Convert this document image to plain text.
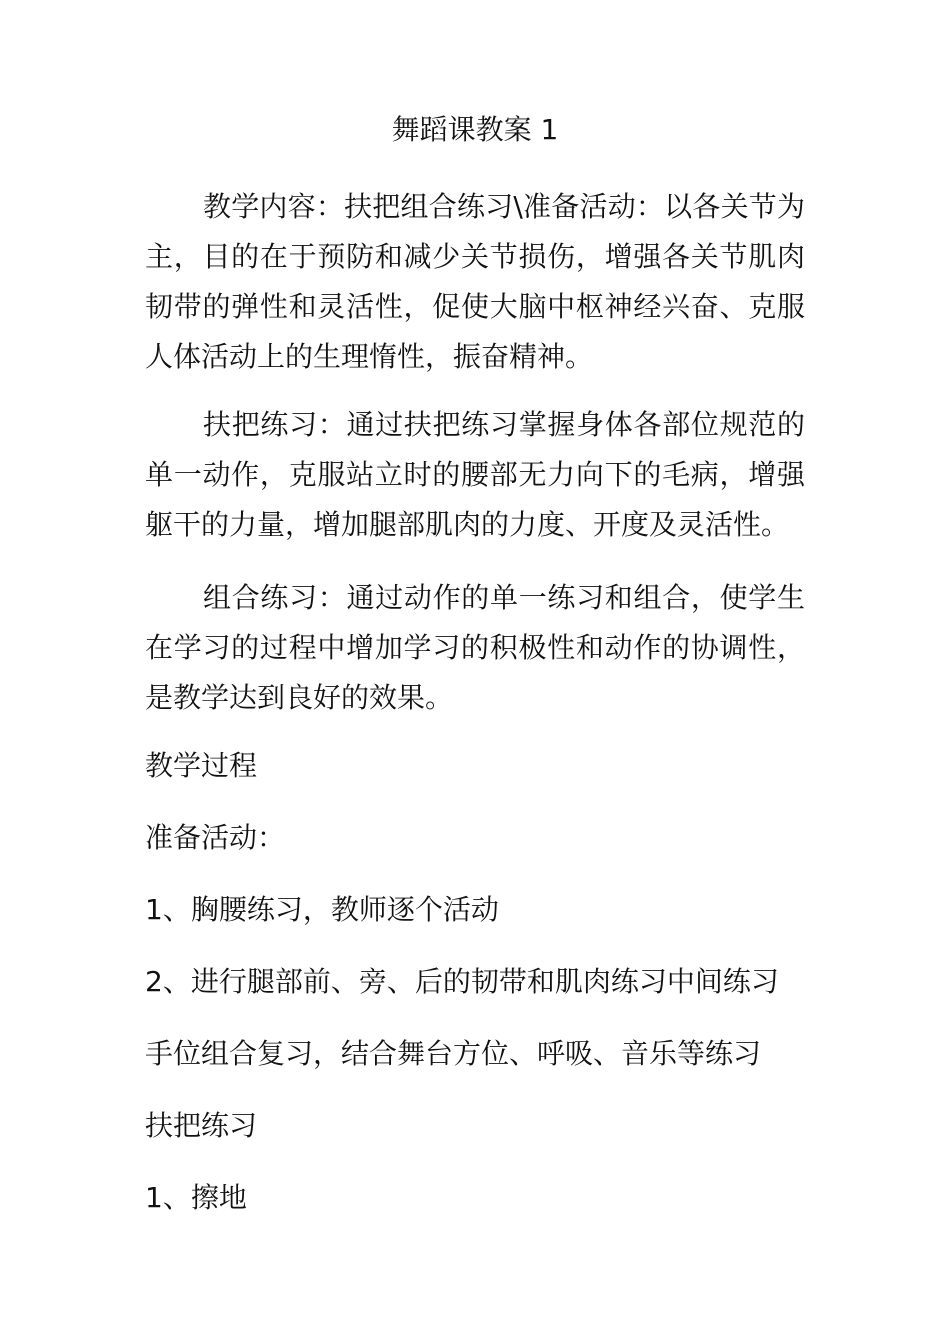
舞蹈课教案 1

教学内容：扶把组合练习\准备活动：以各关节为主，目的在于预防和减少关节损伤，增强各关节肌肉韧带的弹性和灵活性，促使大脑中枢神经兴奋、克服人体活动上的生理惰性，振奋精神。

扶把练习：通过扶把练习掌握身体各部位规范的单一动作，克服站立时的腰部无力向下的毛病，增强躯干的力量，增加腿部肌肉的力度、开度及灵活性。

组合练习：通过动作的单一练习和组合，使学生在学习的过程中增加学习的积极性和动作的协调性，是教学达到良好的效果。

教学过程

准备活动：

1、胸腰练习，教师逐个活动

2、进行腿部前、旁、后的韧带和肌肉练习中间练习

手位组合复习，结合舞台方位、呼吸、音乐等练习

扶把练习

1、擦地
